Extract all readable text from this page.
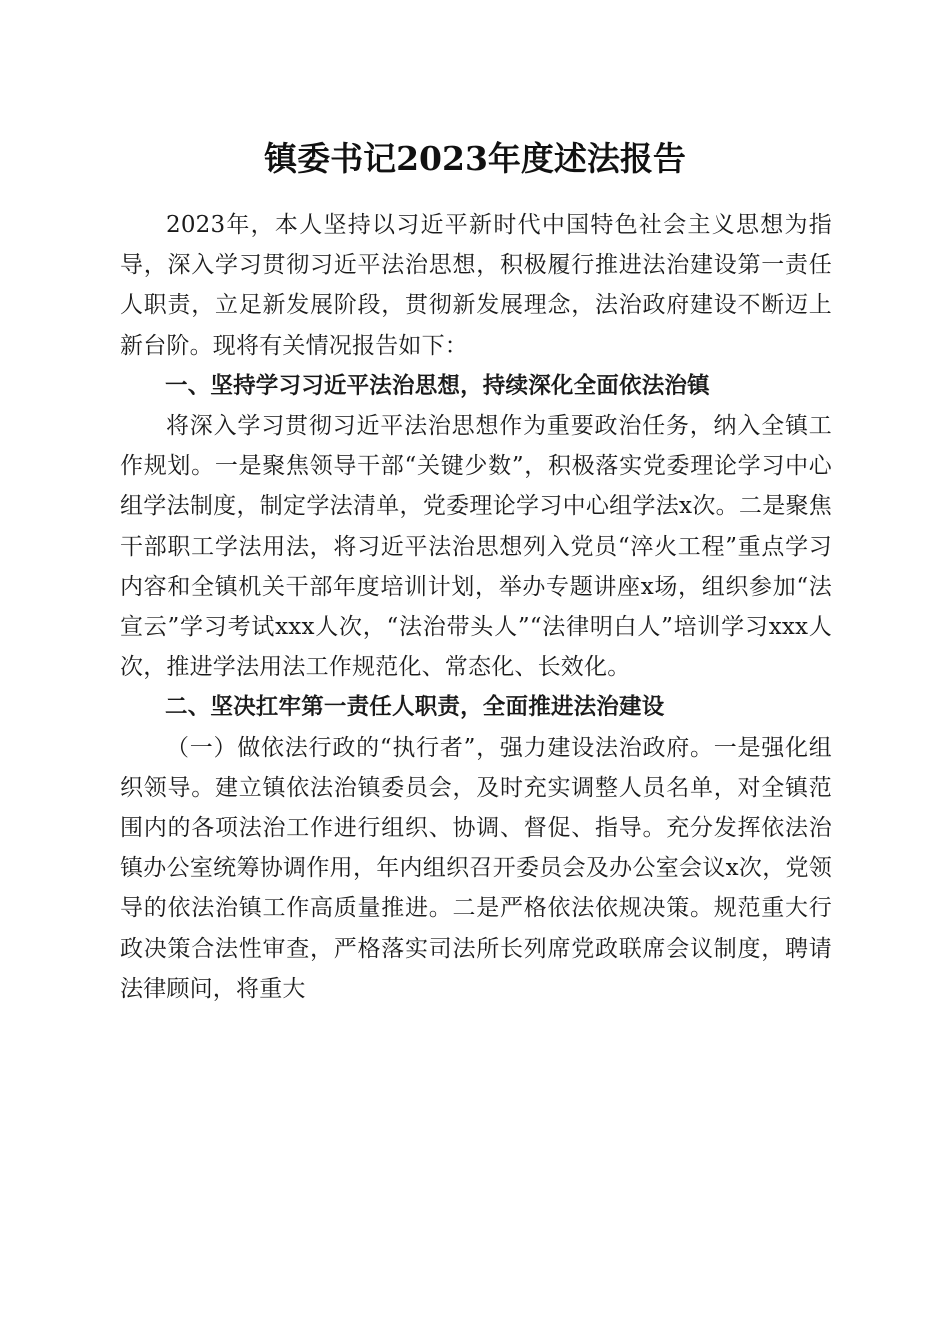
镇委书记2023年度述法报告

2023年，本人坚持以习近平新时代中国特色社会主义思想为指导，深入学习贯彻习近平法治思想，积极履行推进法治建设第一责任人职责，立足新发展阶段，贯彻新发展理念，法治政府建设不断迈上新台阶。现将有关情况报告如下：

一、坚持学习习近平法治思想，持续深化全面依法治镇

将深入学习贯彻习近平法治思想作为重要政治任务，纳入全镇工作规划。一是聚焦领导干部“关键少数”，积极落实党委理论学习中心组学法制度，制定学法清单，党委理论学习中心组学法x次。二是聚焦干部职工学法用法，将习近平法治思想列入党员“淬火工程”重点学习内容和全镇机关干部年度培训计划，举办专题讲座x场，组织参加“法宣云”学习考试xxx人次，“法治带头人”“法律明白人”培训学习xxx人次，推进学法用法工作规范化、常态化、长效化。

二、坚决扛牢第一责任人职责，全面推进法治建设

（一）做依法行政的“执行者”，强力建设法治政府。一是强化组织领导。建立镇依法治镇委员会，及时充实调整人员名单，对全镇范围内的各项法治工作进行组织、协调、督促、指导。充分发挥依法治镇办公室统筹协调作用，年内组织召开委员会及办公室会议x次，党领导的依法治镇工作高质量推进。二是严格依法依规决策。规范重大行政决策合法性审查，严格落实司法所长列席党政联席会议制度，聘请法律顾问，将重大
